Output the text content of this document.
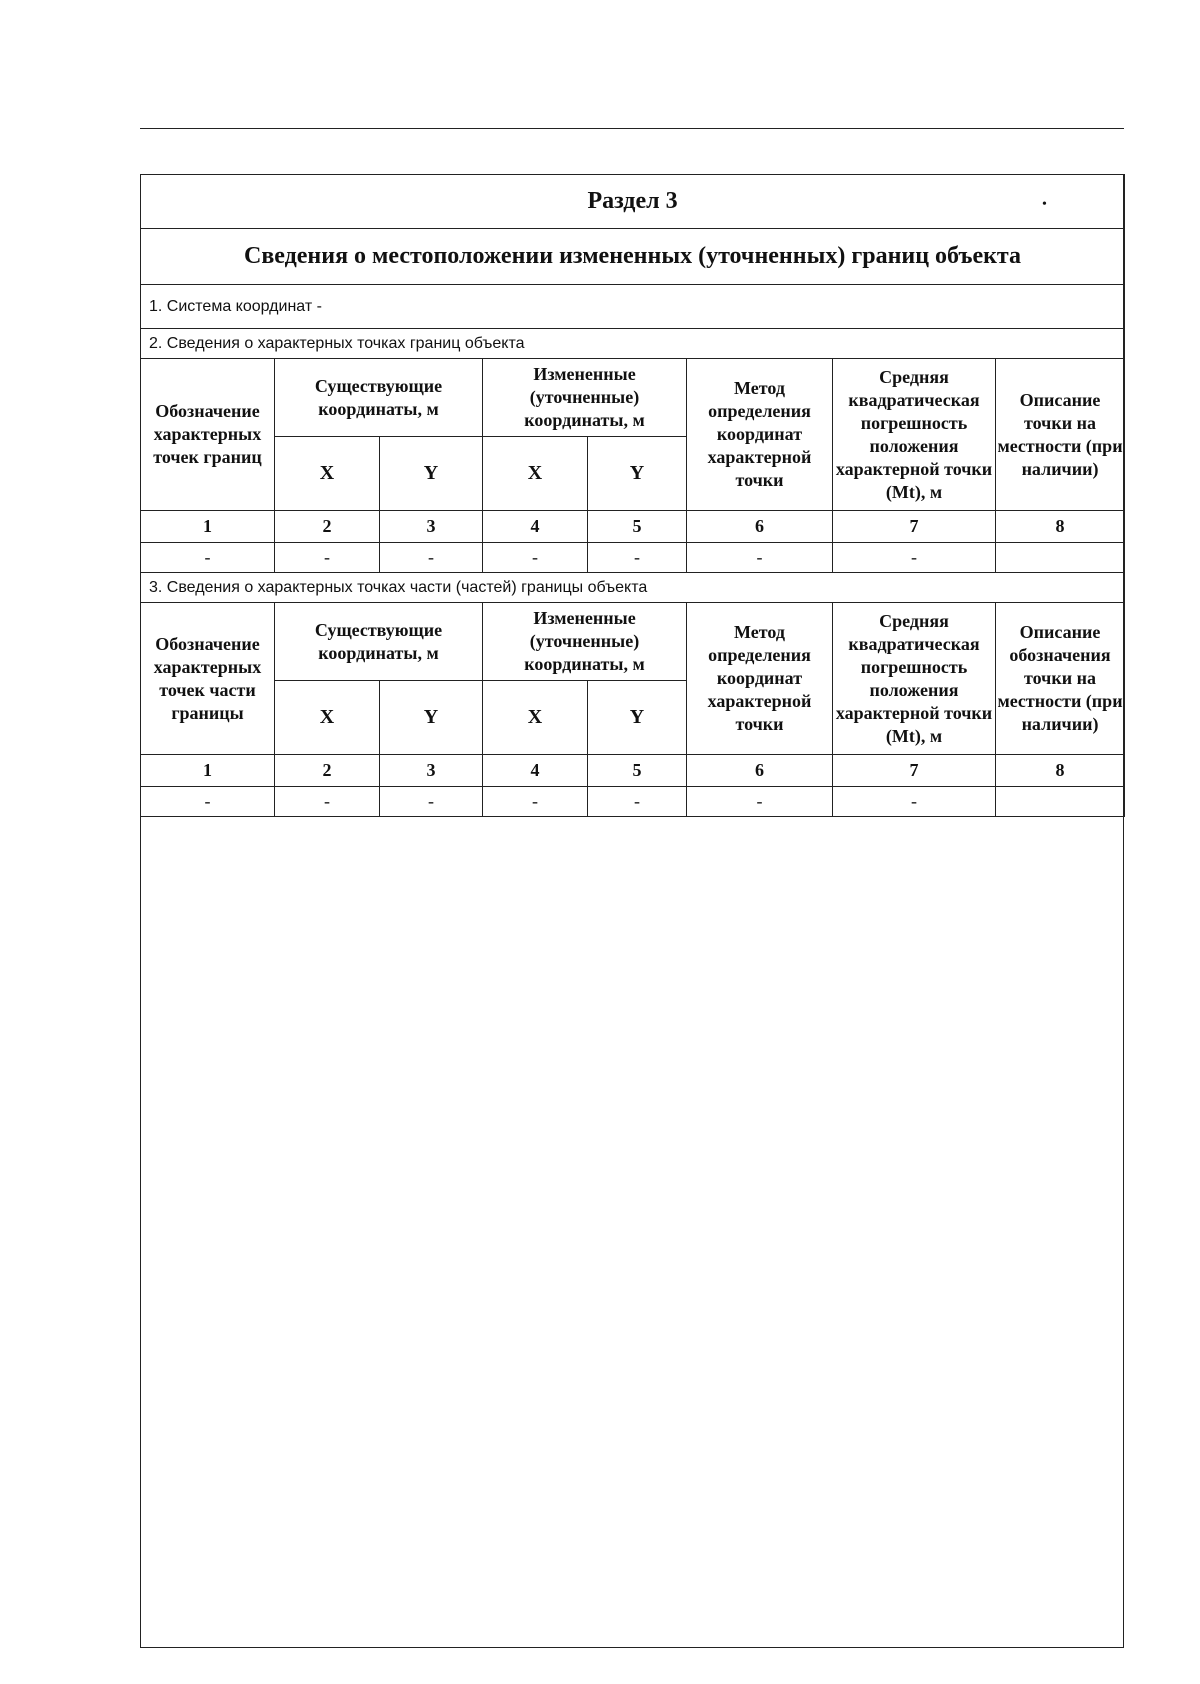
•
Раздел 3							
Сведения о местоположении измененных (уточненных) границ объекта							
1. Система координат -							
2. Сведения о характерных точках границ объекта							
Обозначение характерных точек границ	Существующие координаты, м		Измененные (уточненные) координаты, м		Метод определения координат характерной точки	Средняя квадратическая погрешность положения характерной точки (Mt), м	Описание точки на местности (при наличии)
	X	Y	X	Y			
1	2	3	4	5	6	7	8
-	-	-	-	-	-	-	
3. Сведения о характерных точках части (частей) границы объекта							
Обозначение характерных точек части границы	Существующие координаты, м		Измененные (уточненные) координаты, м		Метод определения координат характерной точки	Средняя квадратическая погрешность положения характерной точки (Mt), м	Описание обозначения точки на местности (при наличии)
	X	Y	X	Y			
1	2	3	4	5	6	7	8
-	-	-	-	-	-	-	
